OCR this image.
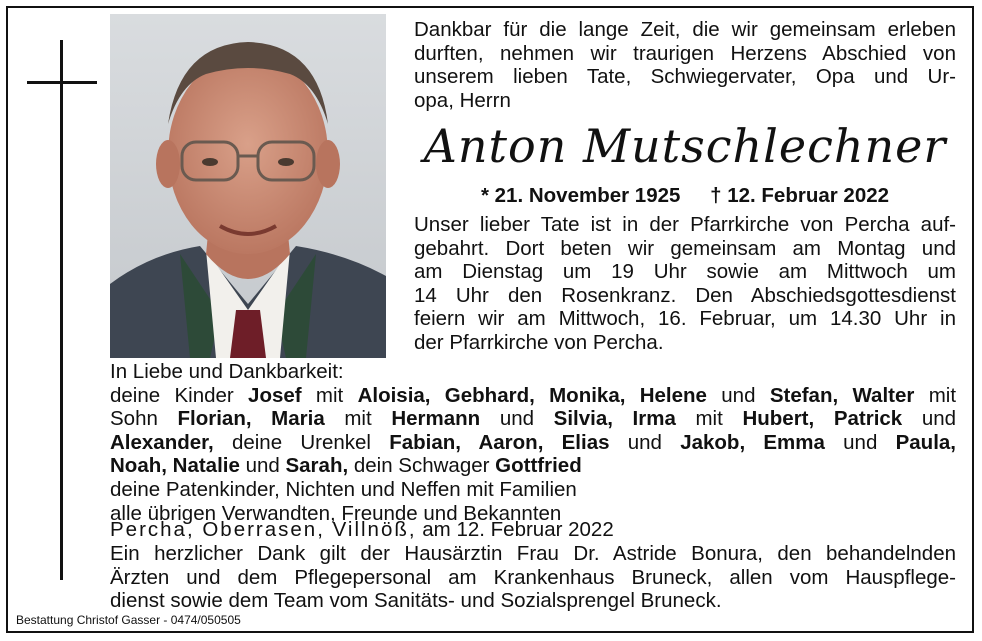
Dankbar für die lange Zeit, die wir gemeinsam erleben
durften, nehmen wir traurigen Herzens Abschied von
unserem lieben Tate, Schwiegervater, Opa und Ur-
opa, Herrn
Anton Mutschlechner
* 21. November 1925 † 12. Februar 2022
Unser lieber Tate ist in der Pfarrkirche von Percha auf-
gebahrt. Dort beten wir gemeinsam am Montag und
am Dienstag um 19 Uhr sowie am Mittwoch um
14 Uhr den Rosenkranz. Den Abschiedsgottesdienst
feiern wir am Mittwoch, 16. Februar, um 14.30 Uhr in
der Pfarrkirche von Percha.
In Liebe und Dankbarkeit:
deine Kinder Josef mit Aloisia, Gebhard, Monika, Helene und Stefan, Walter mit
Sohn Florian, Maria mit Hermann und Silvia, Irma mit Hubert, Patrick und
Alexander, deine Urenkel Fabian, Aaron, Elias und Jakob, Emma und Paula,
Noah, Natalie und Sarah, dein Schwager Gottfried
deine Patenkinder, Nichten und Neffen mit Familien
alle übrigen Verwandten, Freunde und Bekannten
Percha, Oberrasen, Villnöß, am 12. Februar 2022
Ein herzlicher Dank gilt der Hausärztin Frau Dr. Astride Bonura, den behandelnden
Ärzten und dem Pflegepersonal am Krankenhaus Bruneck, allen vom Hauspflege-
dienst sowie dem Team vom Sanitäts- und Sozialsprengel Bruneck.
Bestattung Christof Gasser - 0474/050505
